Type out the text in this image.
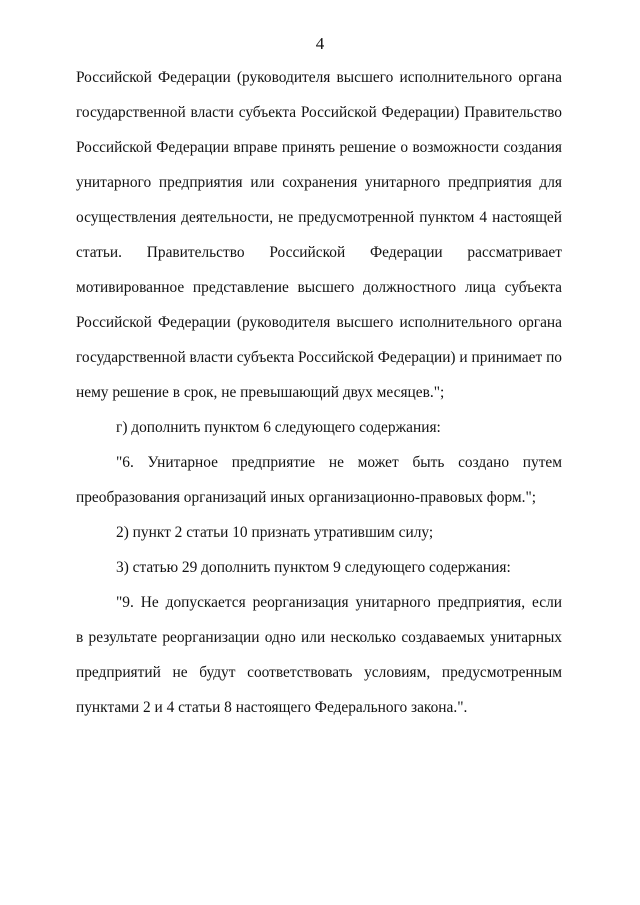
4
Российской Федерации (руководителя высшего исполнительного органа
государственной власти субъекта Российской Федерации) Правительство
Российской Федерации вправе принять решение о возможности создания
унитарного предприятия или сохранения унитарного предприятия для
осуществления деятельности, не предусмотренной пунктом 4 настоящей
статьи. Правительство Российской Федерации рассматривает
мотивированное представление высшего должностного лица субъекта
Российской Федерации (руководителя высшего исполнительного органа
государственной власти субъекта Российской Федерации) и принимает по
нему решение в срок, не превышающий двух месяцев.";
г) дополнить пунктом 6 следующего содержания:
"6. Унитарное предприятие не может быть создано путем
преобразования организаций иных организационно-правовых форм.";
2) пункт 2 статьи 10 признать утратившим силу;
3) статью 29 дополнить пунктом 9 следующего содержания:
"9. Не допускается реорганизация унитарного предприятия, если
в результате реорганизации одно или несколько создаваемых унитарных
предприятий не будут соответствовать условиям, предусмотренным
пунктами 2 и 4 статьи 8 настоящего Федерального закона.".
